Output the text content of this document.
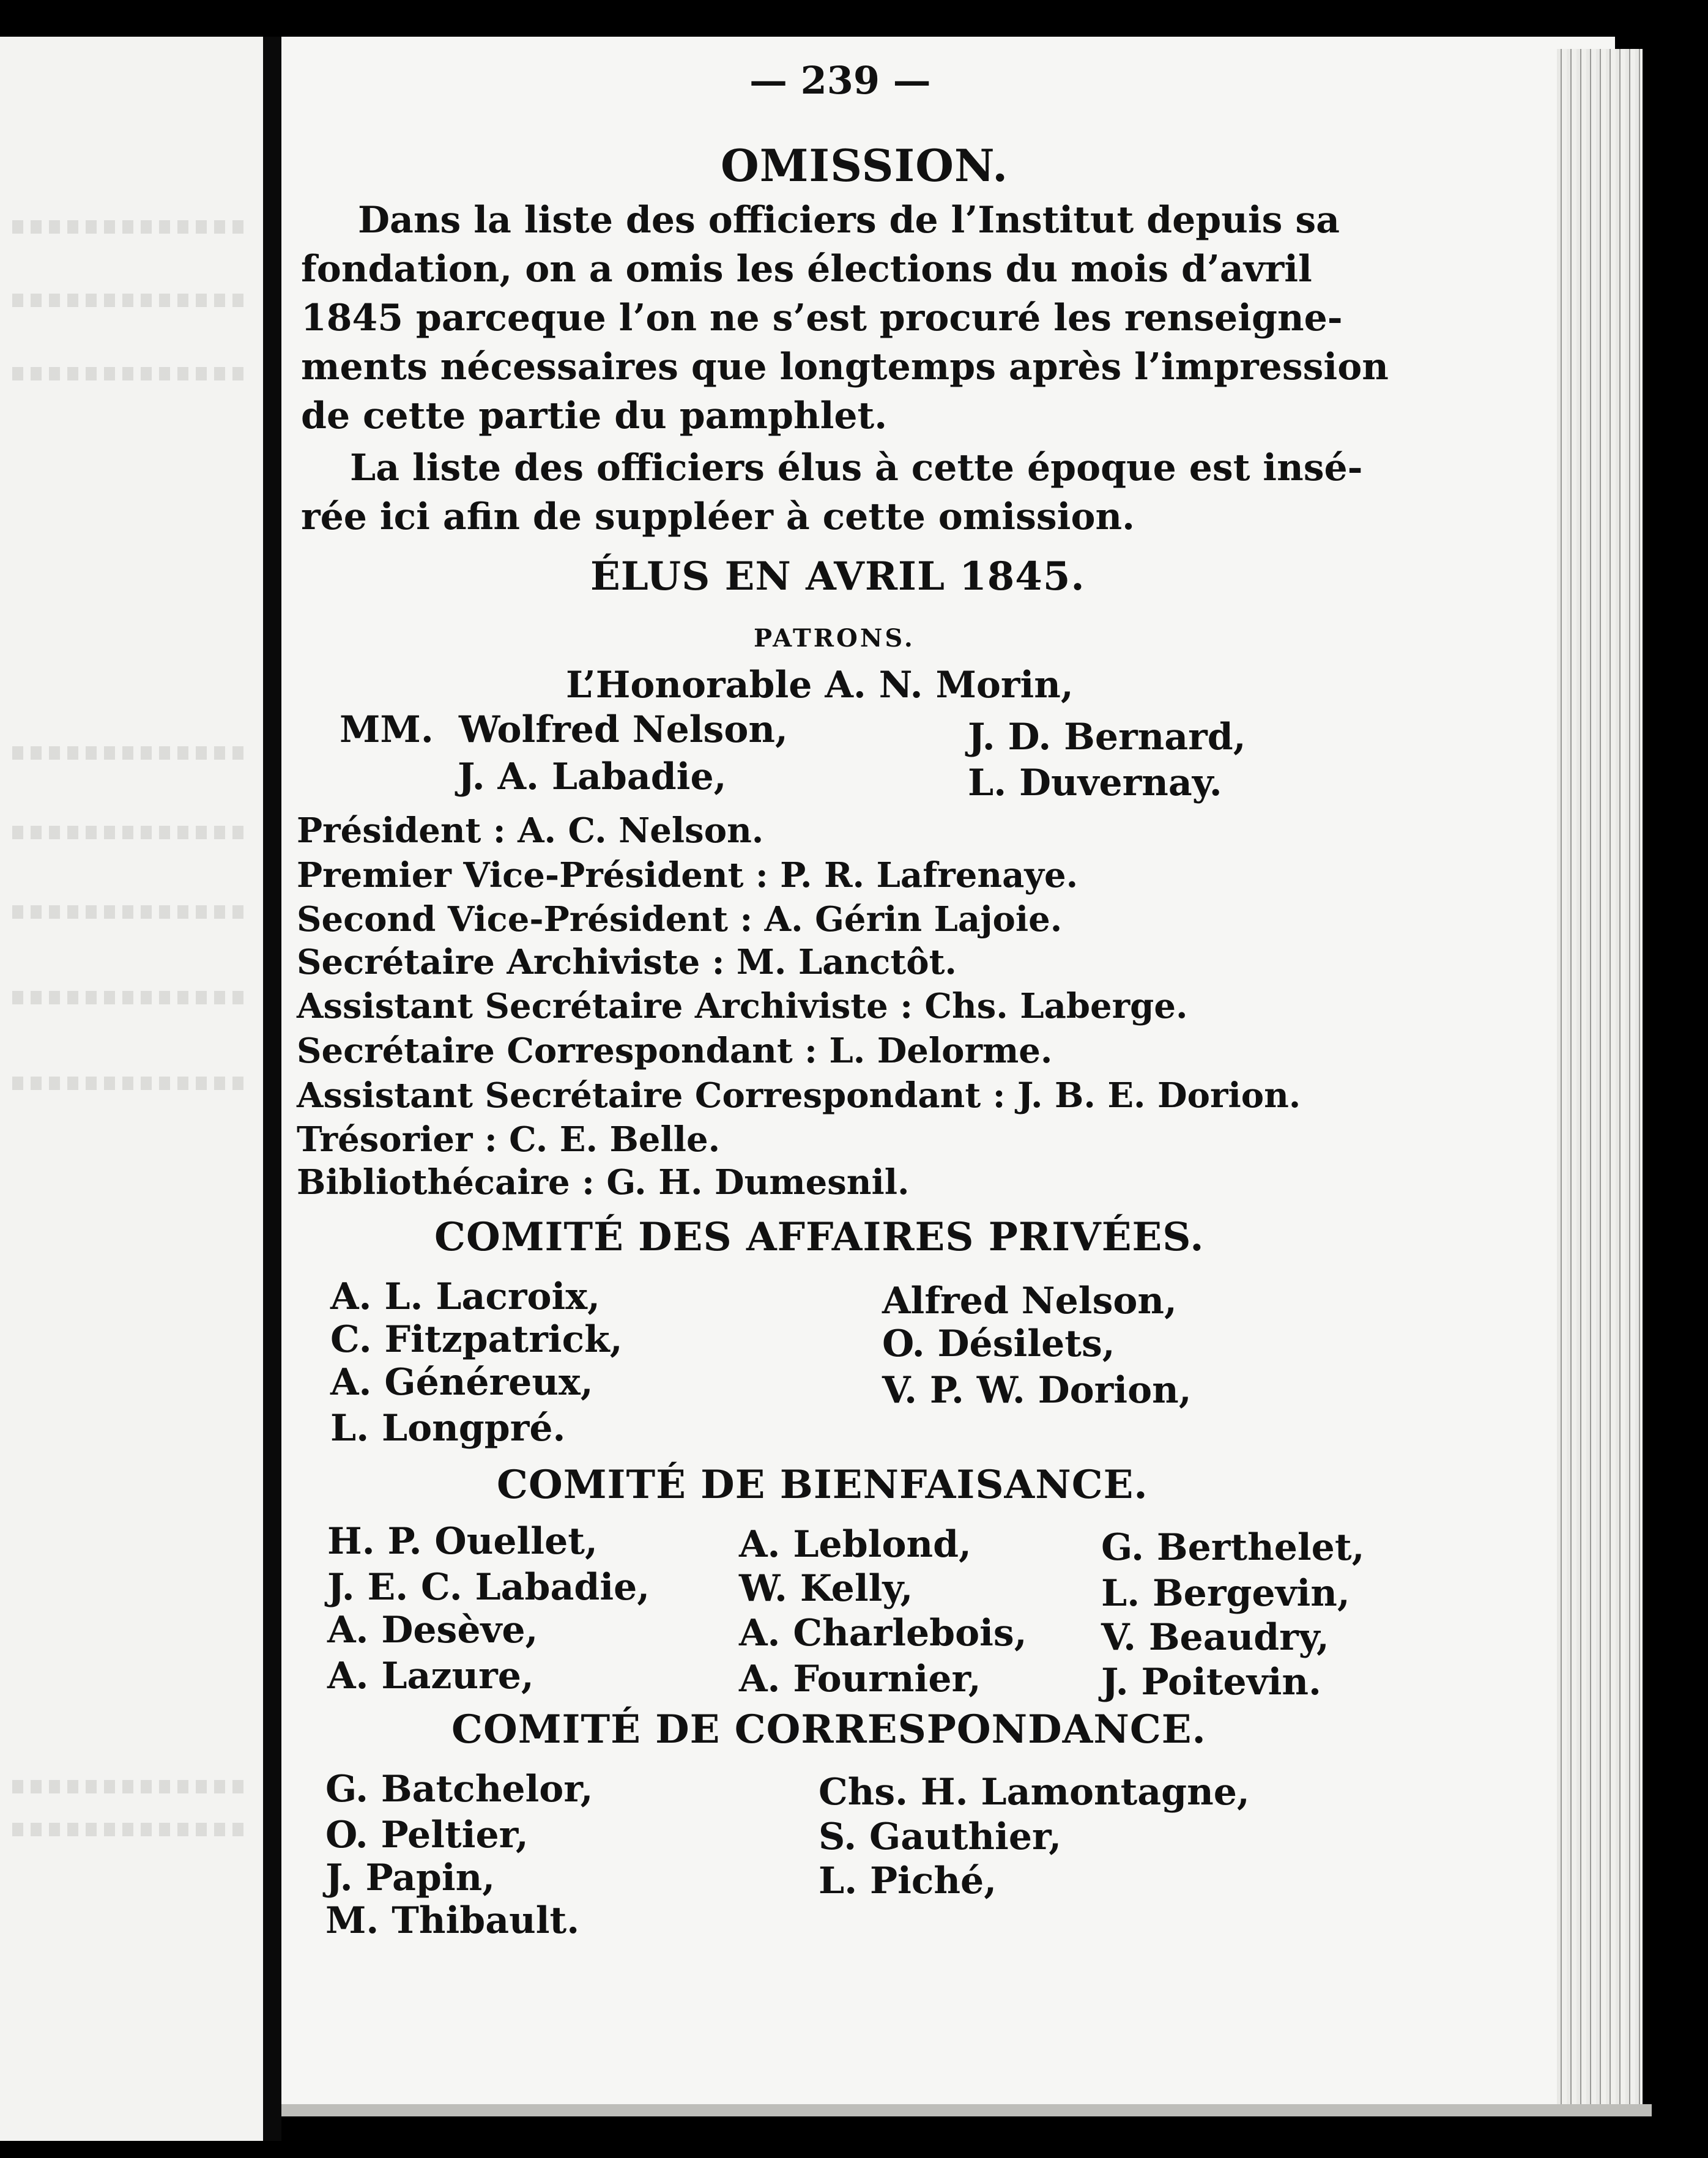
— 239 —
OMISSION.
Dans la liste des officiers de l’Institut depuis sa
fondation, on a omis les élections du mois d’avril
1845 parceque l’on ne s’est procuré les renseigne-
ments nécessaires que longtemps après l’impression
de cette partie du pamphlet.
La liste des officiers élus à cette époque est insé-
rée ici afin de suppléer à cette omission.
ÉLUS EN AVRIL 1845.
PATRONS.
L’Honorable A. N. Morin,
MM. Wolfred Nelson,	J. D. Bernard,
J. A. Labadie,	L. Duvernay.
Président : A. C. Nelson.
Premier Vice-Président : P. R. Lafrenaye.
Second Vice-Président : A. Gérin Lajoie.
Secrétaire Archiviste : M. Lanctôt.
Assistant Secrétaire Archiviste : Chs. Laberge.
Secrétaire Correspondant : L. Delorme.
Assistant Secrétaire Correspondant : J. B. E. Dorion.
Trésorier : C. E. Belle.
Bibliothécaire : G. H. Dumesnil.
COMITÉ DES AFFAIRES PRIVÉES.
A. L. Lacroix,
C. Fitzpatrick,
A. Généreux,
L. Longpré.
Alfred Nelson,
O. Désilets,
V. P. W. Dorion,
COMITÉ DE BIENFAISANCE.
H. P. Ouellet,
J. E. C. Labadie,
A. Desève,
A. Lazure,
A. Leblond,
W. Kelly,
A. Charlebois,
A. Fournier,
G. Berthelet,
L. Bergevin,
V. Beaudry,
J. Poitevin.
COMITÉ DE CORRESPONDANCE.
G. Batchelor,
O. Peltier,
J. Papin,
M. Thibault.
Chs. H. Lamontagne,
S. Gauthier,
L. Piché,
